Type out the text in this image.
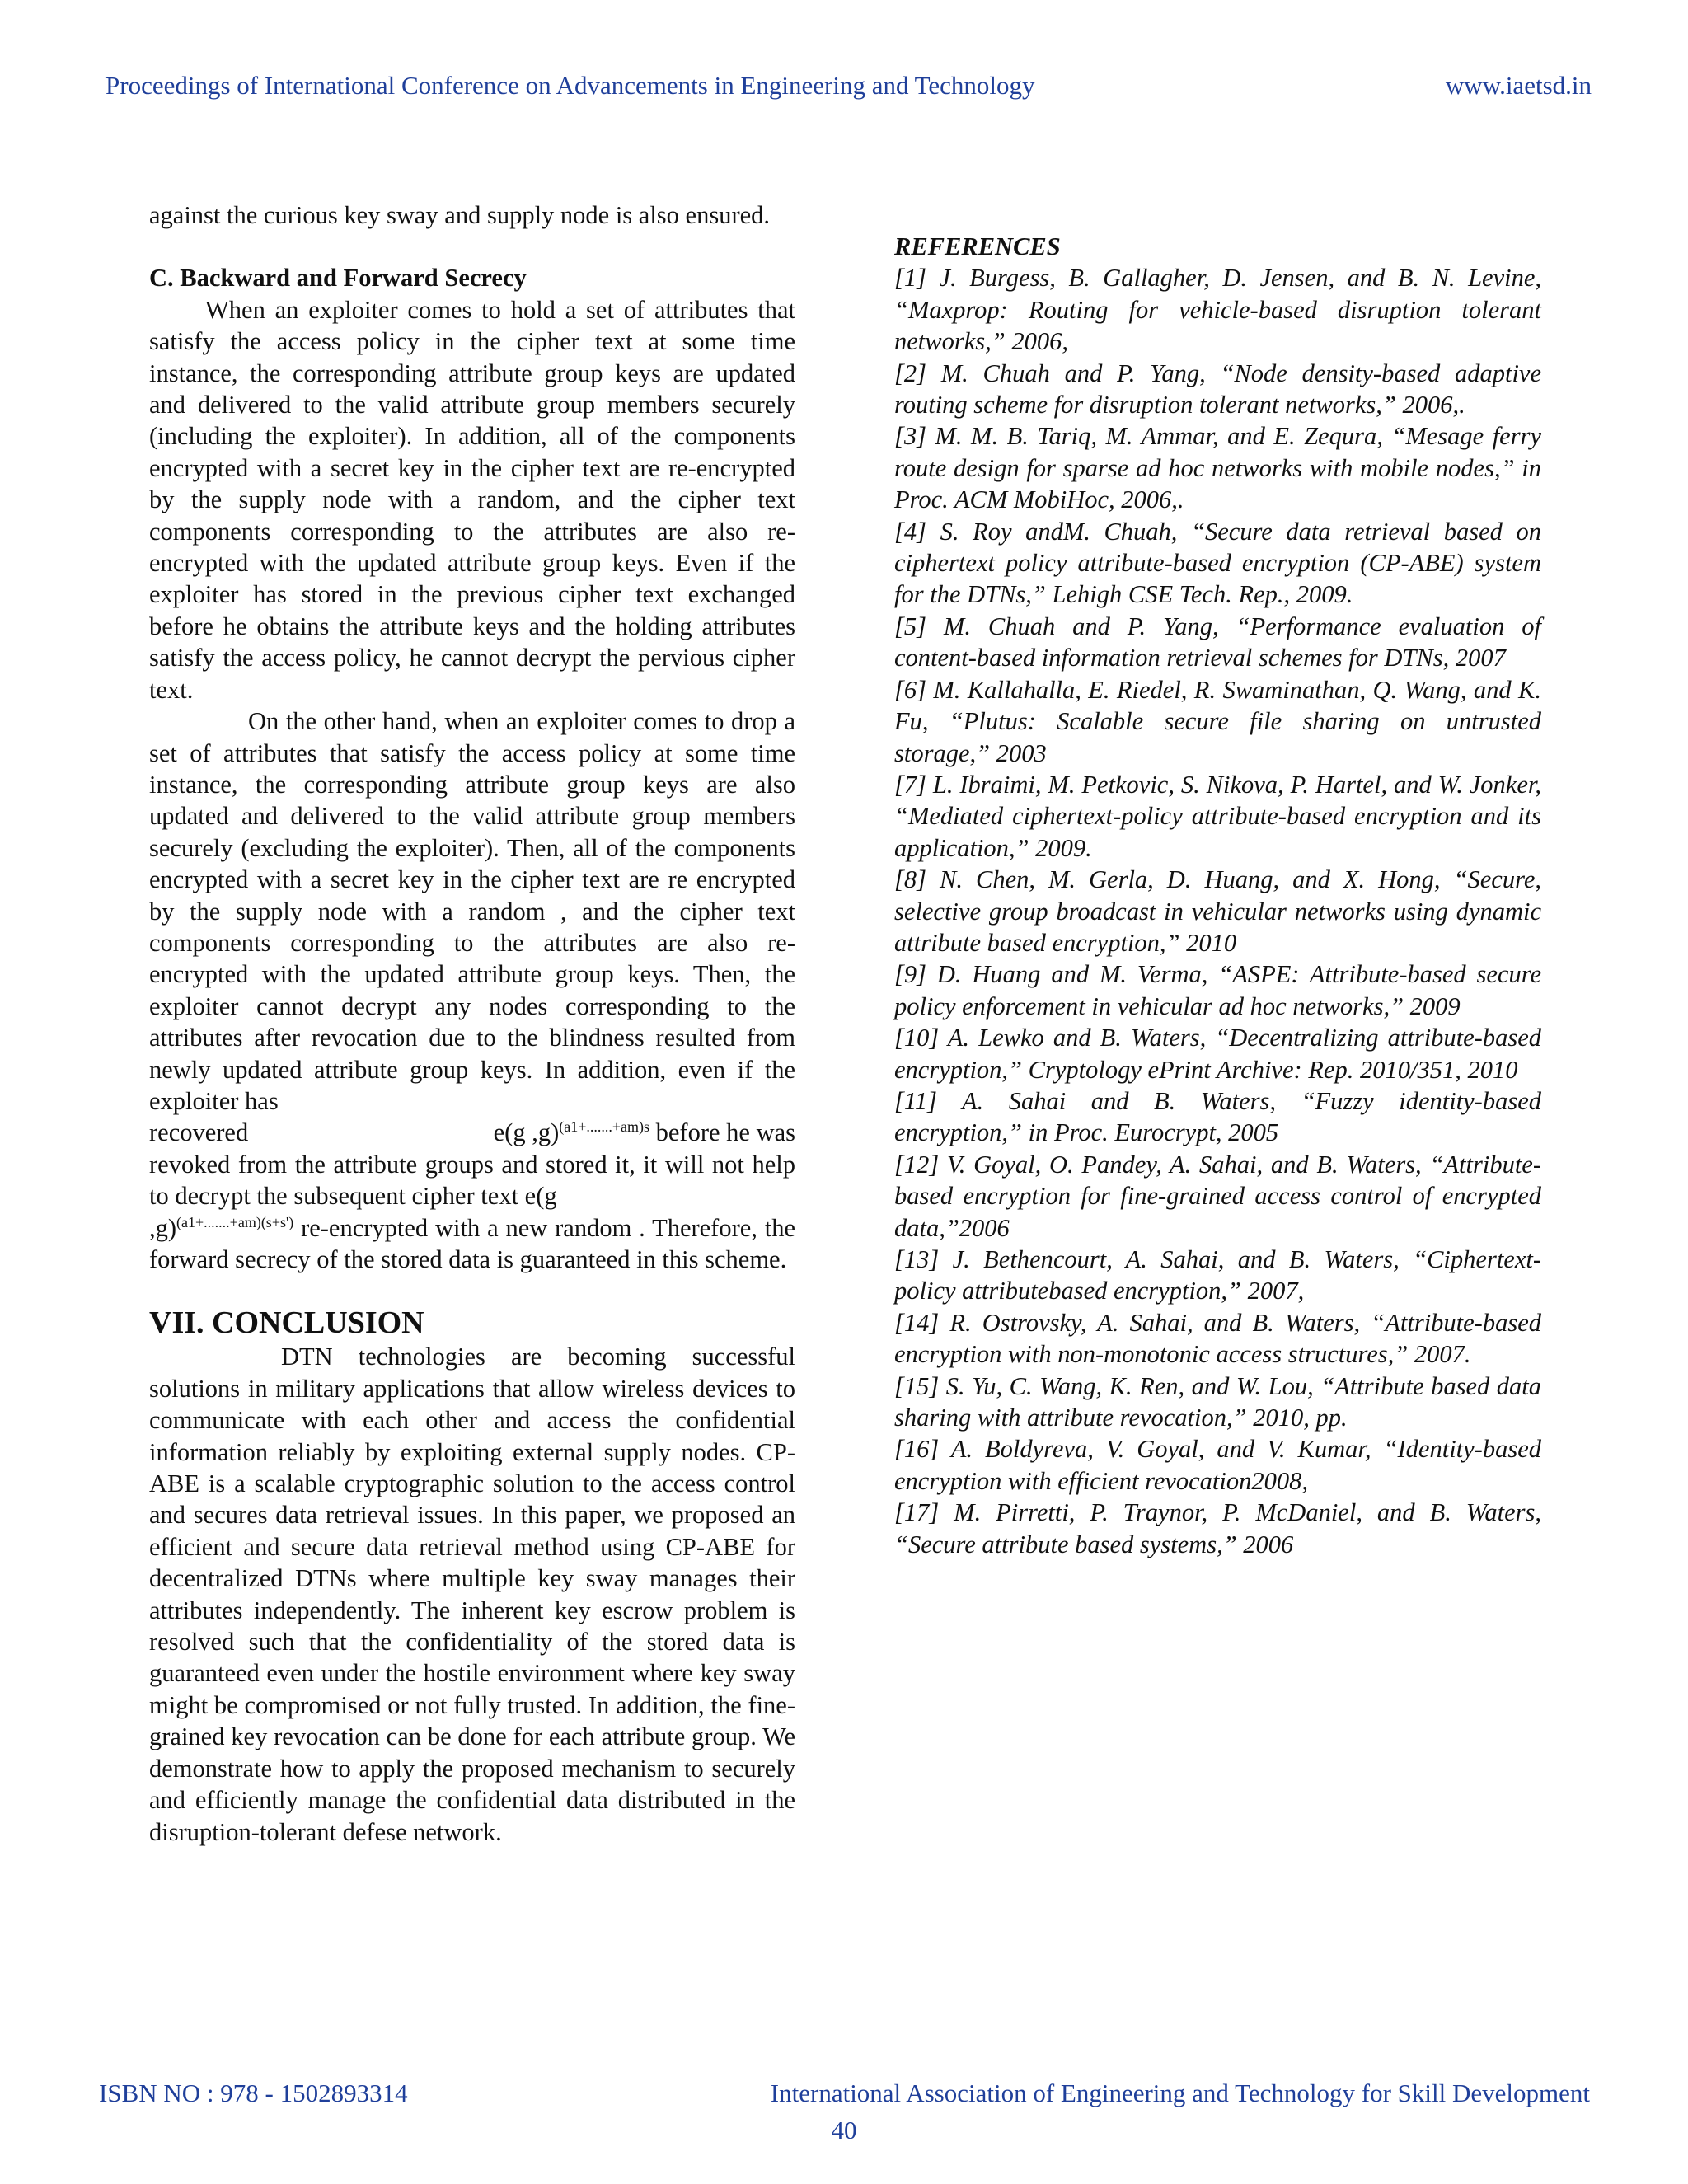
Proceedings of International Conference on Advancements in Engineering and Technology	www.iaetsd.in

against the curious key sway and supply node is also ensured.

C. Backward and Forward Secrecy

When an exploiter comes to hold a set of attributes that satisfy the access policy in the cipher text at some time instance, the corresponding attribute group keys are updated and delivered to the valid attribute group members securely (including the exploiter). In addition, all of the components encrypted with a secret key in the cipher text are re-encrypted by the supply node with a random, and the cipher text components corresponding to the attributes are also re-encrypted with the updated attribute group keys. Even if the exploiter has stored in the previous cipher text exchanged before he obtains the attribute keys and the holding attributes satisfy the access policy, he cannot decrypt the pervious cipher text.

On the other hand, when an exploiter comes to drop a set of attributes that satisfy the access policy at some time instance, the corresponding attribute group keys are also updated and delivered to the valid attribute group members securely (excluding the exploiter). Then, all of the components encrypted with a secret key in the cipher text are re encrypted by the supply node with a random , and the cipher text components corresponding to the attributes are also re-encrypted with the updated attribute group keys. Then, the exploiter cannot decrypt any nodes corresponding to the attributes after revocation due to the blindness resulted from newly updated attribute group keys. In addition, even if the exploiter has

recovered	e(g ,g)$^{(a1+.......+am)s}$ before he was

revoked from the attribute groups and stored it, it will not help to decrypt the subsequent cipher text e(g

,g)$^{(a1+.......+am)(s+s')}$ re-encrypted with a new random . Therefore, the forward secrecy of the stored data is guaranteed in this scheme.

VII. CONCLUSION

DTN technologies are becoming successful solutions in military applications that allow wireless devices to communicate with each other and access the confidential information reliably by exploiting external supply nodes. CP-ABE is a scalable cryptographic solution to the access control and secures data retrieval issues. In this paper, we proposed an efficient and secure data retrieval method using CP-ABE for decentralized DTNs where multiple key sway manages their attributes independently. The inherent key escrow problem is resolved such that the confidentiality of the stored data is guaranteed even under the hostile environment where key sway might be compromised or not fully trusted. In addition, the fine-grained key revocation can be done for each attribute group. We demonstrate how to apply the proposed mechanism to securely and efficiently manage the confidential data distributed in the disruption-tolerant defese network.

REFERENCES

[1] J. Burgess, B. Gallagher, D. Jensen, and B. N. Levine, “Maxprop: Routing for vehicle-based disruption tolerant networks,” 2006,

[2] M. Chuah and P. Yang, “Node density-based adaptive routing scheme for disruption tolerant networks,” 2006,.

[3] M. M. B. Tariq, M. Ammar, and E. Zequra, “Mesage ferry route design for sparse ad hoc networks with mobile nodes,” in Proc. ACM MobiHoc, 2006,.

[4] S. Roy andM. Chuah, “Secure data retrieval based on ciphertext policy attribute-based encryption (CP-ABE) system for the DTNs,” Lehigh CSE Tech. Rep., 2009.

[5] M. Chuah and P. Yang, “Performance evaluation of content-based information retrieval schemes for DTNs, 2007

[6] M. Kallahalla, E. Riedel, R. Swaminathan, Q. Wang, and K. Fu, “Plutus: Scalable secure file sharing on untrusted storage,” 2003

[7] L. Ibraimi, M. Petkovic, S. Nikova, P. Hartel, and W. Jonker, “Mediated ciphertext-policy attribute-based encryption and its application,” 2009.

[8] N. Chen, M. Gerla, D. Huang, and X. Hong, “Secure, selective group broadcast in vehicular networks using dynamic attribute based encryption,” 2010

[9] D. Huang and M. Verma, “ASPE: Attribute-based secure policy enforcement in vehicular ad hoc networks,” 2009

[10] A. Lewko and B. Waters, “Decentralizing attribute-based encryption,” Cryptology ePrint Archive: Rep. 2010/351, 2010

[11] A. Sahai and B. Waters, “Fuzzy identity-based encryption,” in Proc. Eurocrypt, 2005

[12] V. Goyal, O. Pandey, A. Sahai, and B. Waters, “Attribute-based encryption for fine-grained access control of encrypted data,”2006

[13] J. Bethencourt, A. Sahai, and B. Waters, “Ciphertext-policy attributebased encryption,” 2007,

[14] R. Ostrovsky, A. Sahai, and B. Waters, “Attribute-based encryption with non-monotonic access structures,” 2007.

[15] S. Yu, C. Wang, K. Ren, and W. Lou, “Attribute based data sharing with attribute revocation,” 2010, pp.

[16] A. Boldyreva, V. Goyal, and V. Kumar, “Identity-based encryption with efficient revocation2008,

[17] M. Pirretti, P. Traynor, P. McDaniel, and B. Waters, “Secure attribute based systems,” 2006

ISBN NO : 978 - 1502893314	International Association of Engineering and Technology for Skill Development
40
